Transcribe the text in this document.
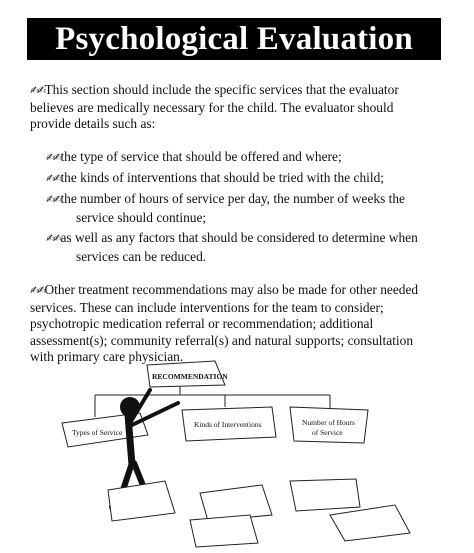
Psychological Evaluation
✍✍This section should include the specific services that the evaluator
believes are medically necessary for the child. The evaluator should
provide details such as:
✍✍the type of service that should be offered and where;
✍✍the kinds of interventions that should be tried with the child;
✍✍the number of hours of service per day, the number of weeks the
service should continue;
✍✍as well as any factors that should be considered to determine when
services can be reduced.
✍✍Other treatment recommendations may also be made for other needed
services. These can include interventions for the team to consider;
psychotropic medication referral or recommendation; additional
assessment(s); community referral(s) and natural supports; consultation
with primary care physician.
RECOMMENDATION
Types of Service
Kinds of Interventions	Number of Hours
of Service
